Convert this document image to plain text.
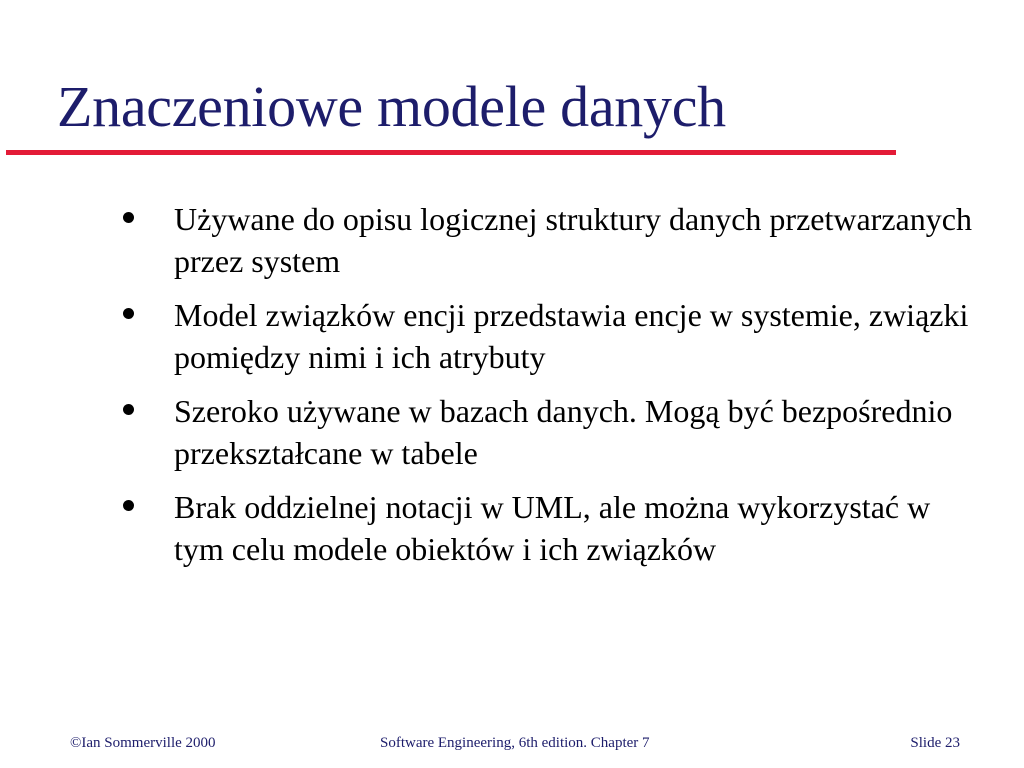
Znaczeniowe modele danych
Używane do opisu logicznej struktury danych przetwarzanych przez system
Model związków encji przedstawia encje w systemie, związki pomiędzy nimi i ich atrybuty
Szeroko używane w bazach danych. Mogą być bezpośrednio przekształcane w tabele
Brak oddzielnej notacji w UML, ale można wykorzystać w tym celu modele obiektów i ich związków
©Ian Sommerville 2000	Software Engineering, 6th edition. Chapter 7	Slide 23
